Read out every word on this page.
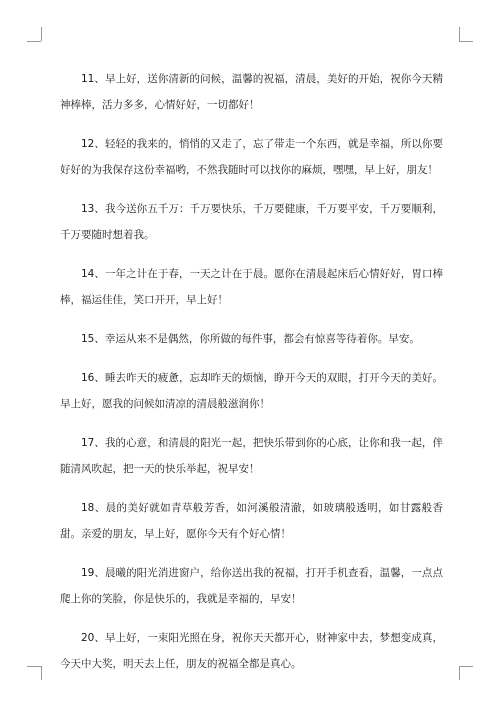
11、早上好，送你清新的问候，温馨的祝福，清晨，美好的开始，祝你今天精神棒棒，活力多多，心情好好，一切都好！

12、轻轻的我来的，悄悄的又走了，忘了带走一个东西，就是幸福，所以你要好好的为我保存这份幸福哟，不然我随时可以找你的麻烦，嘿嘿，早上好，朋友！

13、我今送你五千万：千万要快乐，千万要健康，千万要平安，千万要顺利，千万要随时想着我。

14、一年之计在于春，一天之计在于晨。愿你在清晨起床后心情好好，胃口棒棒，福运佳佳，笑口开开，早上好！

15、幸运从来不是偶然，你所做的每件事，都会有惊喜等待着你。早安。

16、睡去昨天的疲惫，忘却昨天的烦恼，睁开今天的双眼，打开今天的美好。早上好，愿我的问候如清凉的清晨般滋润你！

17、我的心意，和清晨的阳光一起，把快乐带到你的心底，让你和我一起，伴随清风吹起，把一天的快乐举起，祝早安！

18、晨的美好就如青草般芳香，如河溪般清澈，如玻璃般透明，如甘露般香甜。亲爱的朋友，早上好，愿你今天有个好心情！

19、晨曦的阳光消进窗户，给你送出我的祝福，打开手机查看，温馨，一点点爬上你的笑脸，你是快乐的，我就是幸福的，早安！

20、早上好，一束阳光照在身，祝你天天都开心，财神家中去，梦想变成真，今天中大奖，明天去上任，朋友的祝福全都是真心。
